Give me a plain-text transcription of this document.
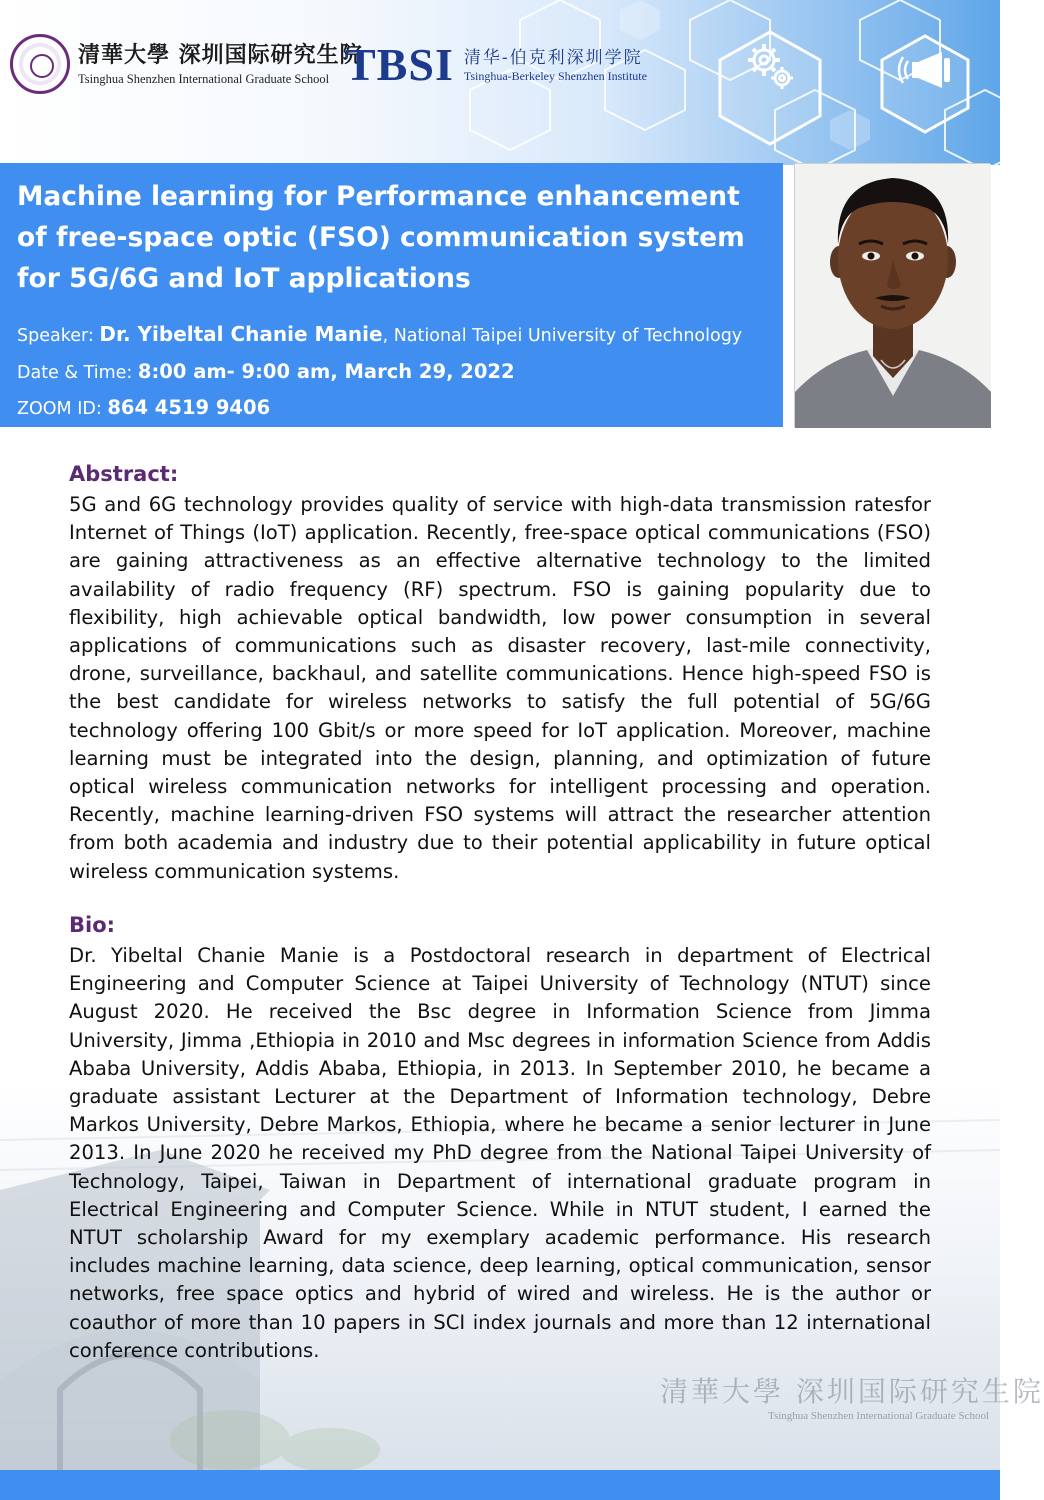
清華大學 深圳国际研究生院
Tsinghua Shenzhen International Graduate School TBSI 清华-伯克利深圳学院
Tsinghua-Berkeley Shenzhen Institute
Machine learning for Performance enhancement of free-space optic (FSO) communication system for 5G/6G and IoT applications
Speaker: Dr. Yibeltal Chanie Manie, National Taipei University of Technology
Date & Time: 8:00 am- 9:00 am, March 29, 2022
ZOOM ID: 864 4519 9406
清華大學 深圳国际研究生院
Tsinghua Shenzhen International Graduate School
Abstract:
5G and 6G technology provides quality of service with high-data transmission ratesfor Internet of Things (IoT) application. Recently, free-space optical communications (FSO) are gaining attractiveness as an effective alternative technology to the limited availability of radio frequency (RF) spectrum. FSO is gaining popularity due to flexibility, high achievable optical bandwidth, low power consumption in several applications of communications such as disaster recovery, last-mile connectivity, drone, surveillance, backhaul, and satellite communications. Hence high-speed FSO is the best candidate for wireless networks to satisfy the full potential of 5G/6G technology offering 100 Gbit/s or more speed for IoT application. Moreover, machine learning must be integrated into the design, planning, and optimization of future optical wireless communication networks for intelligent processing and operation. Recently, machine learning-driven FSO systems will attract the researcher attention from both academia and industry due to their potential applicability in future optical wireless communication systems.
Bio:
Dr. Yibeltal Chanie Manie is a Postdoctoral research in department of Electrical Engineering and Computer Science at Taipei University of Technology (NTUT) since August 2020. He received the Bsc degree in Information Science from Jimma University, Jimma ,Ethiopia in 2010 and Msc degrees in information Science from Addis Ababa University, Addis Ababa, Ethiopia, in 2013. In September 2010, he became a graduate assistant Lecturer at the Department of Information technology, Debre Markos University, Debre Markos, Ethiopia, where he became a senior lecturer in June 2013. In June 2020 he received my PhD degree from the National Taipei University of Technology, Taipei, Taiwan in Department of international graduate program in Electrical Engineering and Computer Science. While in NTUT student, I earned the NTUT scholarship Award for my exemplary academic performance. His research includes machine learning, data science, deep learning, optical communication, sensor networks, free space optics and hybrid of wired and wireless. He is the author or coauthor of more than 10 papers in SCI index journals and more than 12 international conference contributions.
